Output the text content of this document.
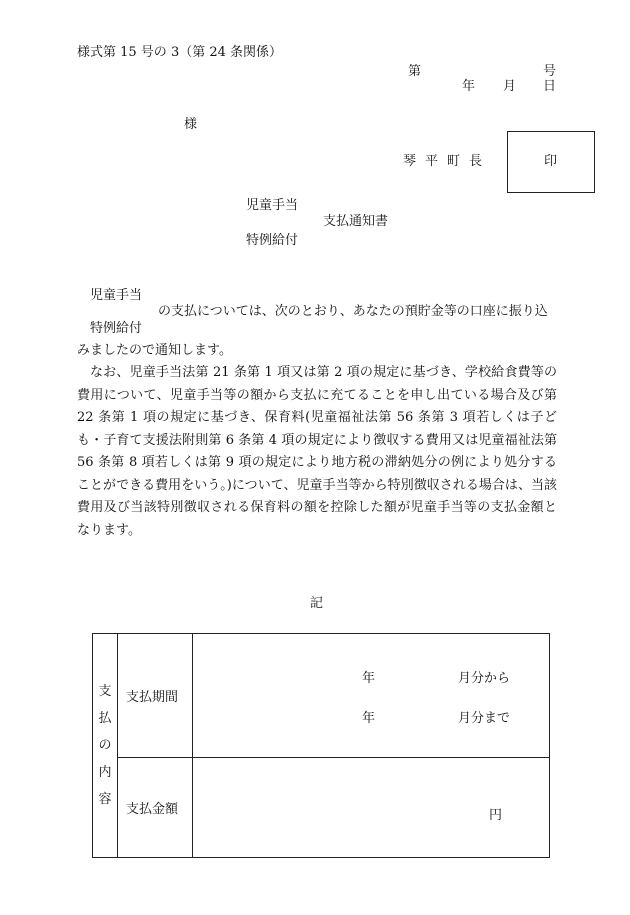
様式第 15 号の 3（第 24 条関係）
第	号
年 月 日
様
琴平町長	印
児童手当
支払通知書
特例給付
児童手当
の支払については、次のとおり、あなたの預貯金等の口座に振り込
特例給付
みましたので通知します。
なお、児童手当法第 21 条第 1 項又は第 2 項の規定に基づき、学校給食費等の費用について、児童手当等の額から支払に充てることを申し出ている場合及び第 22 条第 1 項の規定に基づき、保育料(児童福祉法第 56 条第 3 項若しくは子ども・子育て支援法附則第 6 条第 4 項の規定により徴収する費用又は児童福祉法第 56 条第 8 項若しくは第 9 項の規定により地方税の滞納処分の例により処分することができる費用をいう。)について、児童手当等から特別徴収される場合は、当該費用及び当該特別徴収される保育料の額を控除した額が児童手当等の支払金額となります。
記
支
払
の
内
容	支払期間	年 月分から
年 月分まで

	支払金額	円
